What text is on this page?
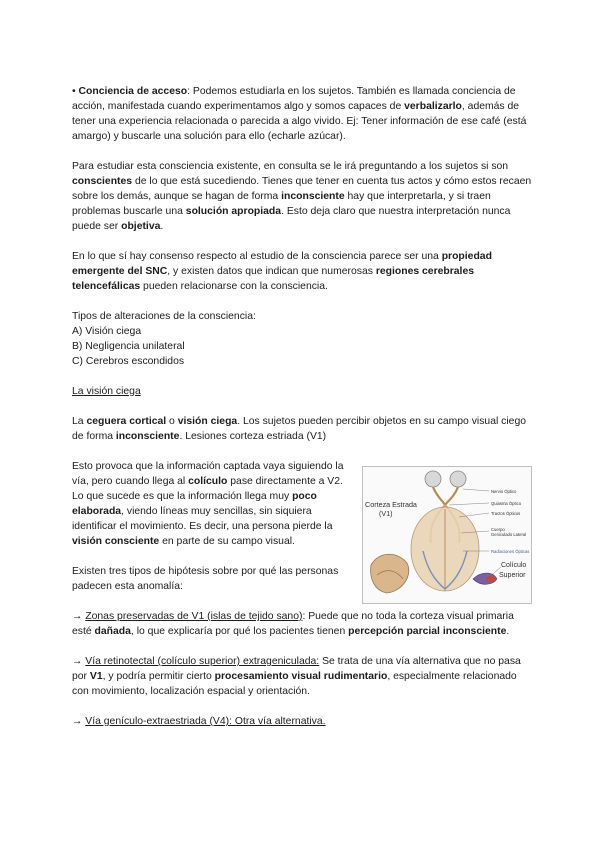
• Conciencia de acceso: Podemos estudiarla en los sujetos. También es llamada conciencia de acción, manifestada cuando experimentamos algo y somos capaces de verbalizarlo, además de tener una experiencia relacionada o parecida a algo vivido. Ej: Tener información de ese café (está amargo) y buscarle una solución para ello (echarle azúcar).

Para estudiar esta consciencia existente, en consulta se le irá preguntando a los sujetos si son conscientes de lo que está sucediendo. Tienes que tener en cuenta tus actos y cómo estos recaen sobre los demás, aunque se hagan de forma inconsciente hay que interpretarla, y si traen problemas buscarle una solución apropiada. Esto deja claro que nuestra interpretación nunca puede ser objetiva.

En lo que sí hay consenso respecto al estudio de la consciencia parece ser una propiedad emergente del SNC, y existen datos que indican que numerosas regiones cerebrales telencefálicas pueden relacionarse con la consciencia.

Tipos de alteraciones de la consciencia:

A) Visión ciega

B) Negligencia unilateral

C) Cerebros escondidos

La visión ciega

La ceguera cortical o visión ciega. Los sujetos pueden percibir objetos en su campo visual ciego de forma inconsciente. Lesiones corteza estriada (V1)

Esto provoca que la información captada vaya siguiendo la vía, pero cuando llega al colículo pase directamente a V2. Lo que sucede es que la información llega muy poco elaborada, viendo líneas muy sencillas, sin siquiera identificar el movimiento. Es decir, una persona pierde la visión consciente en parte de su campo visual.

Existen tres tipos de hipótesis sobre por qué las personas padecen esta anomalía:

→ Zonas preservadas de V1 (islas de tejido sano): Puede que no toda la corteza visual primaria esté dañada, lo que explicaría por qué los pacientes tienen percepción parcial inconsciente.

→ Vía retinotectal (colículo superior) extrageniculada: Se trata de una vía alternativa que no pasa por V1, y podría permitir cierto procesamiento visual rudimentario, especialmente relacionado con movimiento, localización espacial y orientación.

→ Vía genículo-extraestriada (V4): Otra vía alternativa.

Corteza Estrada
(V1)
Nervio Óptico
Quiasma Óptico
Tractos Ópticos
Cuerpo
Geniculado Lateral
Radiaciones Ópticas
Colículo
Superior
